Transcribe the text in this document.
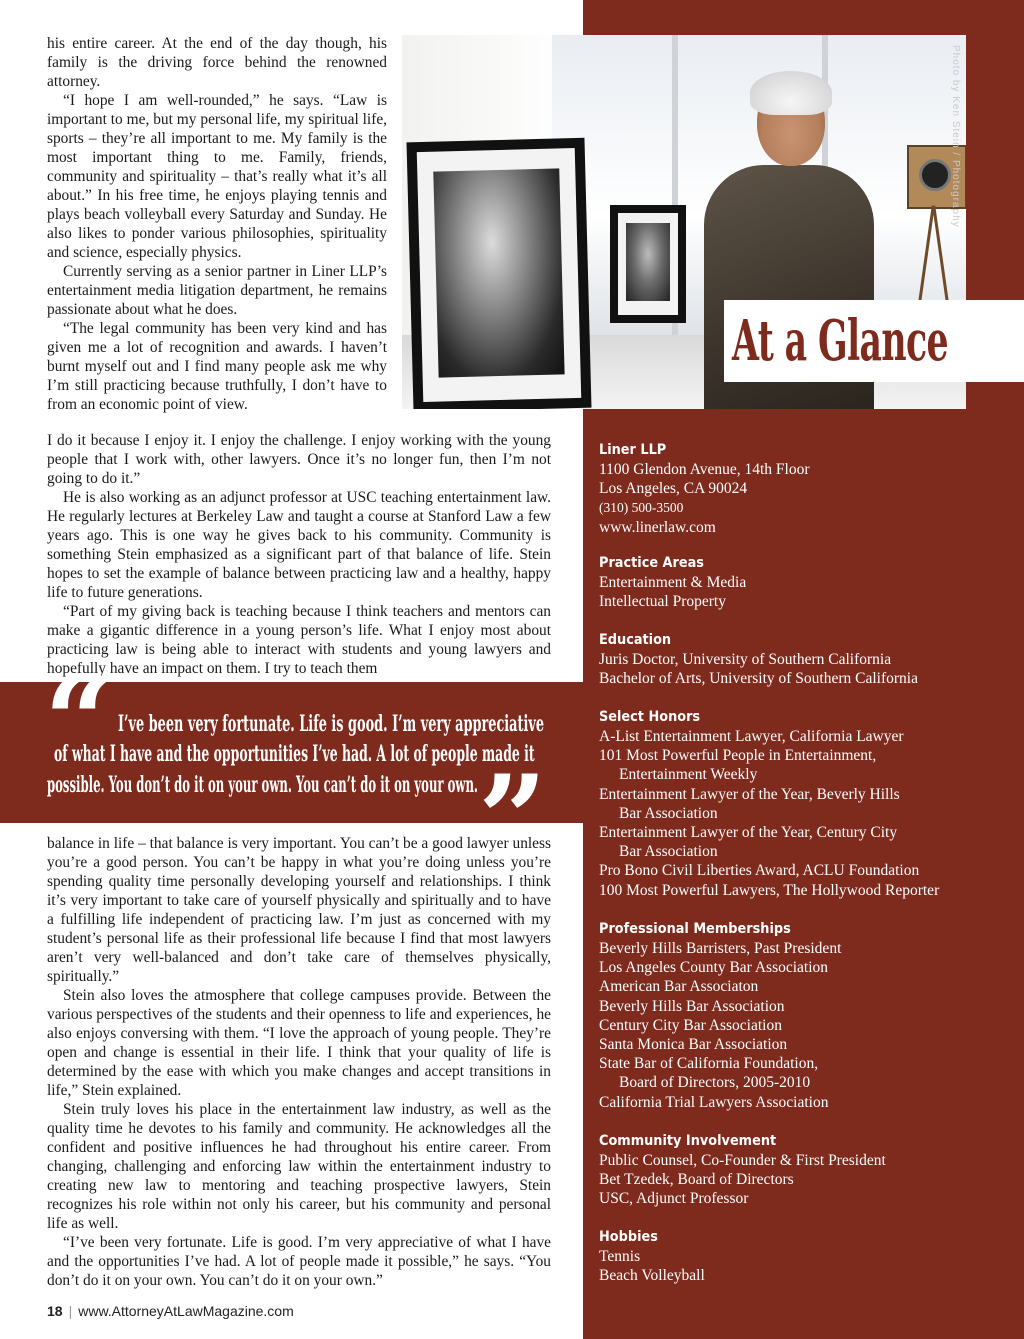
Photo by Ken Stein / Photography
At a Glance
Liner LLP
1100 Glendon Avenue, 14th Floor
Los Angeles, CA 90024
(310) 500-3500
www.linerlaw.com
Practice Areas
Entertainment & Media
Intellectual Property
Education
Juris Doctor, University of Southern California
Bachelor of Arts, University of Southern California
Select Honors
A-List Entertainment Lawyer, California Lawyer
101 Most Powerful People in Entertainment,
Entertainment Weekly
Entertainment Lawyer of the Year, Beverly Hills
Bar Association
Entertainment Lawyer of the Year, Century City
Bar Association
Pro Bono Civil Liberties Award, ACLU Foundation
100 Most Powerful Lawyers, The Hollywood Reporter
Professional Memberships
Beverly Hills Barristers, Past President
Los Angeles County Bar Association
American Bar Associaton
Beverly Hills Bar Association
Century City Bar Association
Santa Monica Bar Association
State Bar of California Foundation,
Board of Directors, 2005-2010
California Trial Lawyers Association
Community Involvement
Public Counsel, Co-Founder & First President
Bet Tzedek, Board of Directors
USC, Adjunct Professor
Hobbies
Tennis
Beach Volleyball

his entire career. At the end of the day though, his family is the driving force behind the renowned attorney.

“I hope I am well-rounded,” he says. “Law is important to me, but my personal life, my spiritual life, sports – they’re all important to me. My family is the most important thing to me. Family, friends, community and spirituality – that’s really what it’s all about.” In his free time, he enjoys playing tennis and plays beach volleyball every Saturday and Sunday. He also likes to ponder various philosophies, spirituality and science, especially physics.

Currently serving as a senior partner in Liner LLP’s entertainment media litigation department, he remains passionate about what he does.

“The legal community has been very kind and has given me a lot of recognition and awards. I haven’t burnt myself out and I find many people ask me why I’m still practicing because truthfully, I don’t have to from an economic point of view.

I do it because I enjoy it. I enjoy the challenge. I enjoy working with the young people that I work with, other lawyers. Once it’s no longer fun, then I’m not going to do it.”

He is also working as an adjunct professor at USC teaching entertainment law. He regularly lectures at Berkeley Law and taught a course at Stanford Law a few years ago. This is one way he gives back to his community. Community is something Stein emphasized as a significant part of that balance of life. Stein hopes to set the example of balance between practicing law and a healthy, happy life to future generations.

“Part of my giving back is teaching because I think teachers and mentors can make a gigantic difference in a young person’s life. What I enjoy most about practicing law is being able to interact with students and young lawyers and hopefully have an impact on them. I try to teach them

“ I’ve been very fortunate. Life is good. I’m very appreciative
of what I have and the opportunities I’ve had. A lot of people made it
possible. You don’t do it on your own. You can’t do it on your own. ”

balance in life – that balance is very important. You can’t be a good lawyer unless you’re a good person. You can’t be happy in what you’re doing unless you’re spending quality time personally developing yourself and relationships. I think it’s very important to take care of yourself physically and spiritually and to have a fulfilling life independent of practicing law. I’m just as concerned with my student’s personal life as their professional life because I find that most lawyers aren’t very well-balanced and don’t take care of themselves physically, spiritually.”

Stein also loves the atmosphere that college campuses provide. Between the various perspectives of the students and their openness to life and experiences, he also enjoys conversing with them. “I love the approach of young people. They’re open and change is essential in their life. I think that your quality of life is determined by the ease with which you make changes and accept transitions in life,” Stein explained.

Stein truly loves his place in the entertainment law industry, as well as the quality time he devotes to his family and community. He acknowledges all the confident and positive influences he had throughout his entire career. From changing, challenging and enforcing law within the entertainment industry to creating new law to mentoring and teaching prospective lawyers, Stein recognizes his role within not only his career, but his community and personal life as well.

“I’ve been very fortunate. Life is good. I’m very appreciative of what I have and the opportunities I’ve had. A lot of people made it possible,” he says. “You don’t do it on your own. You can’t do it on your own.”

18 | www.AttorneyAtLawMagazine.com
